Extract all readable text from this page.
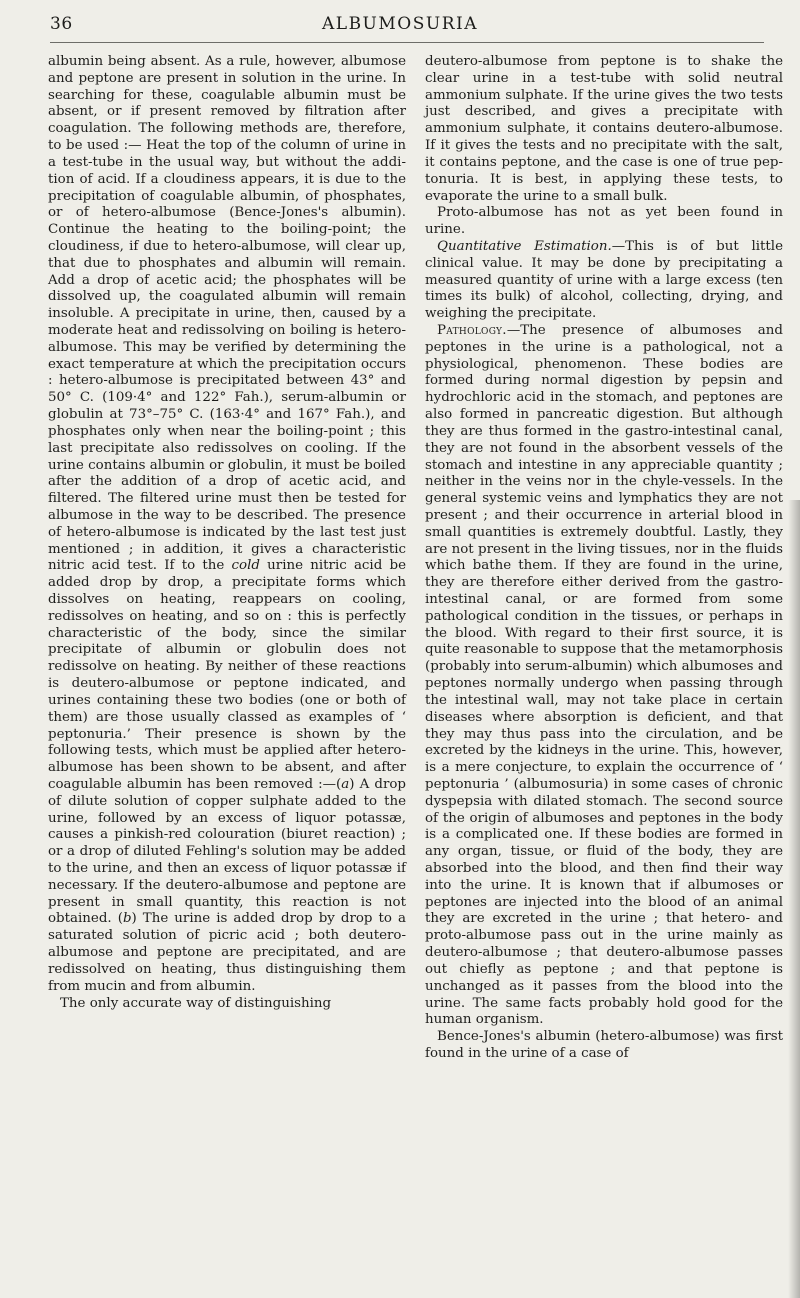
36	ALBUMOSURIA

albumin being absent. As a rule, however, albumose and peptone are present in solution in the urine. In searching for these, coagulable albumin must be absent, or if present removed by filtration after coagulation. The following methods are, therefore, to be used :— Heat the top of the column of urine in a test-tube in the usual way, but without the addition of acid. If a cloudiness appears, it is due to the precipitation of coagulable albumin, of phosphates, or of hetero-albumose (Bence-Jones's albumin). Continue the heating to the boiling-point; the cloudiness, if due to hetero-albumose, will clear up, that due to phosphates and albumin will remain. Add a drop of acetic acid; the phosphates will be dissolved up, the coagulated albumin will remain insoluble. A precipitate in urine, then, caused by a moderate heat and redissolving on boiling is hetero-albumose. This may be verified by determining the exact temperature at which the precipitation occurs : hetero-albumose is precipitated between 43° and 50° C. (109·4° and 122° Fah.), serum-albumin or globulin at 73°–75° C. (163·4° and 167° Fah.), and phosphates only when near the boiling-point ; this last precipitate also redissolves on cooling. If the urine contains albumin or globulin, it must be boiled after the addition of a drop of acetic acid, and filtered. The filtered urine must then be tested for albumose in the way to be described. The presence of hetero-albumose is indicated by the last test just mentioned ; in addition, it gives a characteristic nitric acid test. If to the cold urine nitric acid be added drop by drop, a precipitate forms which dissolves on heating, reappears on cooling, redissolves on heating, and so on : this is perfectly characteristic of the body, since the similar precipitate of albumin or globulin does not redissolve on heating. By neither of these reactions is deutero-albumose or peptone indicated, and urines containing these two bodies (one or both of them) are those usually classed as examples of ‘ peptonuria.’ Their presence is shown by the following tests, which must be applied after hetero-albumose has been shown to be absent, and after coagulable albumin has been removed :—(a) A drop of dilute solution of copper sulphate added to the urine, followed by an excess of liquor potassæ, causes a pinkish-red colouration (biuret reaction) ; or a drop of diluted Fehling's solution may be added to the urine, and then an excess of liquor potassæ if necessary. If the deutero-albumose and peptone are present in small quantity, this reaction is not obtained. (b) The urine is added drop by drop to a saturated solution of picric acid ; both deutero-albumose and peptone are precipitated, and are redissolved on heating, thus distinguishing them from mucin and from albumin.

The only accurate way of distinguishing

deutero-albumose from peptone is to shake the clear urine in a test-tube with solid neutral ammonium sulphate. If the urine gives the two tests just described, and gives a precipitate with ammonium sulphate, it contains deutero-albumose. If it gives the tests and no precipitate with the salt, it contains peptone, and the case is one of true peptonuria. It is best, in applying these tests, to evaporate the urine to a small bulk.

Proto-albumose has not as yet been found in urine.

Quantitative Estimation.—This is of but little clinical value. It may be done by precipitating a measured quantity of urine with a large excess (ten times its bulk) of alcohol, collecting, drying, and weighing the precipitate.

Pathology.—The presence of albumoses and peptones in the urine is a pathological, not a physiological, phenomenon. These bodies are formed during normal digestion by pepsin and hydrochloric acid in the stomach, and peptones are also formed in pancreatic digestion. But although they are thus formed in the gastro-intestinal canal, they are not found in the absorbent vessels of the stomach and intestine in any appreciable quantity ; neither in the veins nor in the chyle-vessels. In the general systemic veins and lymphatics they are not present ; and their occurrence in arterial blood in small quantities is extremely doubtful. Lastly, they are not present in the living tissues, nor in the fluids which bathe them. If they are found in the urine, they are therefore either derived from the gastro-intestinal canal, or are formed from some pathological condition in the tissues, or perhaps in the blood. With regard to their first source, it is quite reasonable to suppose that the metamorphosis (probably into serum-albumin) which albumoses and peptones normally undergo when passing through the intestinal wall, may not take place in certain diseases where absorption is deficient, and that they may thus pass into the circulation, and be excreted by the kidneys in the urine. This, however, is a mere conjecture, to explain the occurrence of ‘ peptonuria ’ (albumosuria) in some cases of chronic dyspepsia with dilated stomach. The second source of the origin of albumoses and peptones in the body is a complicated one. If these bodies are formed in any organ, tissue, or fluid of the body, they are absorbed into the blood, and then find their way into the urine. It is known that if albumoses or peptones are injected into the blood of an animal they are excreted in the urine ; that hetero- and proto-albumose pass out in the urine mainly as deutero-albumose ; that deutero-albumose passes out chiefly as peptone ; and that peptone is unchanged as it passes from the blood into the urine. The same facts probably hold good for the human organism.

Bence-Jones's albumin (hetero-albumose) was first found in the urine of a case of
